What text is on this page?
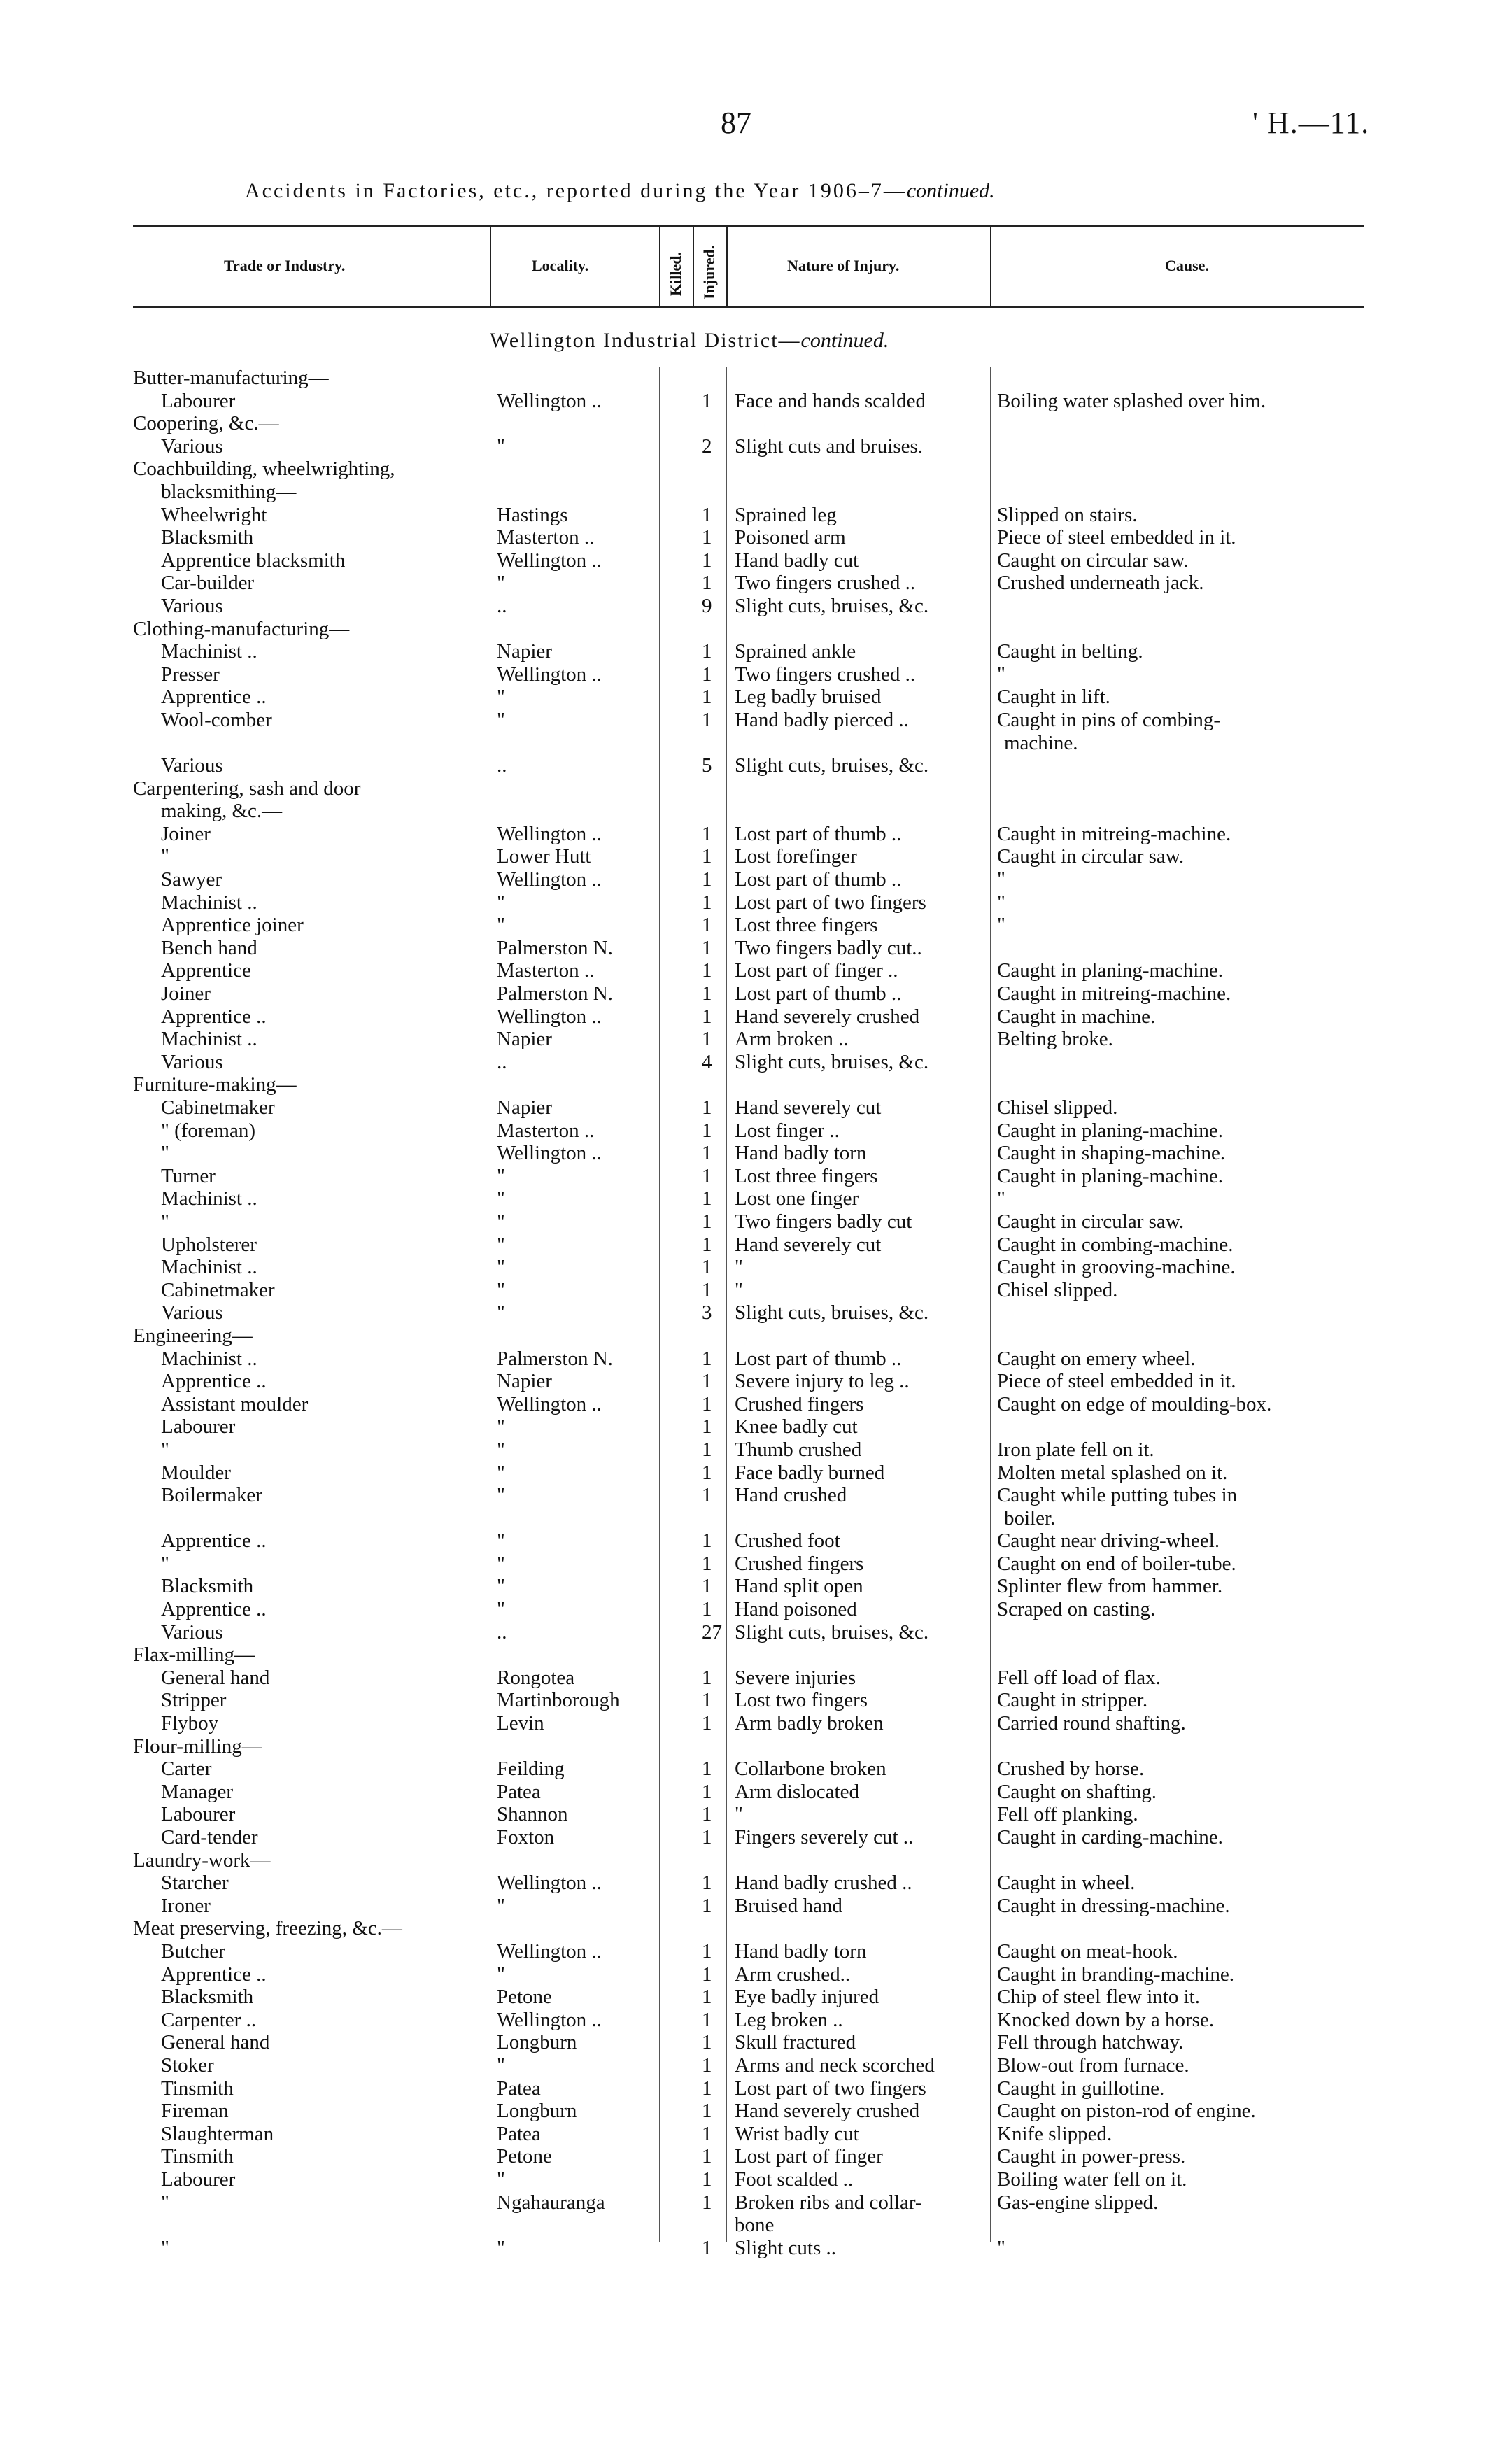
87	' H.—11.
Accidents in Factories, etc., reported during the Year 1906–7—continued.
Trade or Industry.	Locality.	Killed. Injured.	Nature of Injury.	Cause.
Wellington Industrial District—continued.
Butter-manufacturing—
Labourer	Wellington ..	1 Face and hands scalded	Boiling water splashed over him.
Coopering, &c.—
Various	"	2 Slight cuts and bruises.
Coachbuilding, wheelwrighting,
blacksmithing—
Wheelwright	Hastings	1 Sprained leg	Slipped on stairs.
Blacksmith	Masterton ..	1 Poisoned arm	Piece of steel embedded in it.
Apprentice blacksmith	Wellington ..	1 Hand badly cut	Caught on circular saw.
Car-builder	"	1 Two fingers crushed ..	Crushed underneath jack.
Various	..	9 Slight cuts, bruises, &c.
Clothing-manufacturing—
Machinist ..	Napier	1 Sprained ankle	Caught in belting.
Presser	Wellington ..	1 Two fingers crushed ..	"
Apprentice ..	"	1 Leg badly bruised	Caught in lift.
Wool-comber	"	1 Hand badly pierced ..	Caught in pins of combing-
machine.
Various	..	5 Slight cuts, bruises, &c.
Carpentering, sash and door
making, &c.—
Joiner	Wellington ..	1 Lost part of thumb ..	Caught in mitreing-machine.
"	Lower Hutt	1 Lost forefinger	Caught in circular saw.
Sawyer	Wellington ..	1 Lost part of thumb ..	"
Machinist ..	"	1 Lost part of two fingers	"
Apprentice joiner	"	1 Lost three fingers	"
Bench hand	Palmerston N.	1 Two fingers badly cut..
Apprentice	Masterton ..	1 Lost part of finger ..	Caught in planing-machine.
Joiner	Palmerston N.	1 Lost part of thumb ..	Caught in mitreing-machine.
Apprentice ..	Wellington ..	1 Hand severely crushed	Caught in machine.
Machinist ..	Napier	1 Arm broken ..	Belting broke.
Various	..	4 Slight cuts, bruises, &c.
Furniture-making—
Cabinetmaker	Napier	1 Hand severely cut	Chisel slipped.
" (foreman)	Masterton ..	1 Lost finger ..	Caught in planing-machine.
"	Wellington ..	1 Hand badly torn	Caught in shaping-machine.
Turner	"	1 Lost three fingers	Caught in planing-machine.
Machinist ..	"	1 Lost one finger	"
"	"	1 Two fingers badly cut	Caught in circular saw.
Upholsterer	"	1 Hand severely cut	Caught in combing-machine.
Machinist ..	"	1 "	Caught in grooving-machine.
Cabinetmaker	"	1 "	Chisel slipped.
Various	"	3 Slight cuts, bruises, &c.
Engineering—
Machinist ..	Palmerston N.	1 Lost part of thumb ..	Caught on emery wheel.
Apprentice ..	Napier	1 Severe injury to leg ..	Piece of steel embedded in it.
Assistant moulder	Wellington ..	1 Crushed fingers	Caught on edge of moulding-box.
Labourer	"	1 Knee badly cut
"	"	1 Thumb crushed	Iron plate fell on it.
Moulder	"	1 Face badly burned	Molten metal splashed on it.
Boilermaker	"	1 Hand crushed	Caught while putting tubes in
boiler.
Apprentice ..	"	1 Crushed foot	Caught near driving-wheel.
"	"	1 Crushed fingers	Caught on end of boiler-tube.
Blacksmith	"	1 Hand split open	Splinter flew from hammer.
Apprentice ..	"	1 Hand poisoned	Scraped on casting.
Various	..	27 Slight cuts, bruises, &c.
Flax-milling—
General hand	Rongotea	1 Severe injuries	Fell off load of flax.
Stripper	Martinborough	1 Lost two fingers	Caught in stripper.
Flyboy	Levin	1 Arm badly broken	Carried round shafting.
Flour-milling—
Carter	Feilding	1 Collarbone broken	Crushed by horse.
Manager	Patea	1 Arm dislocated	Caught on shafting.
Labourer	Shannon	1 "	Fell off planking.
Card-tender	Foxton	1 Fingers severely cut ..	Caught in carding-machine.
Laundry-work—
Starcher	Wellington ..	1 Hand badly crushed ..	Caught in wheel.
Ironer	"	1 Bruised hand	Caught in dressing-machine.
Meat preserving, freezing, &c.—
Butcher	Wellington ..	1 Hand badly torn	Caught on meat-hook.
Apprentice ..	"	1 Arm crushed..	Caught in branding-machine.
Blacksmith	Petone	1 Eye badly injured	Chip of steel flew into it.
Carpenter ..	Wellington ..	1 Leg broken ..	Knocked down by a horse.
General hand	Longburn	1 Skull fractured	Fell through hatchway.
Stoker	"	1 Arms and neck scorched	Blow-out from furnace.
Tinsmith	Patea	1 Lost part of two fingers	Caught in guillotine.
Fireman	Longburn	1 Hand severely crushed	Caught on piston-rod of engine.
Slaughterman	Patea	1 Wrist badly cut	Knife slipped.
Tinsmith	Petone	1 Lost part of finger	Caught in power-press.
Labourer	"	1 Foot scalded ..	Boiling water fell on it.
"	Ngahauranga	1 Broken ribs and collar-	Gas-engine slipped.
bone
"	"	1 Slight cuts ..	"
